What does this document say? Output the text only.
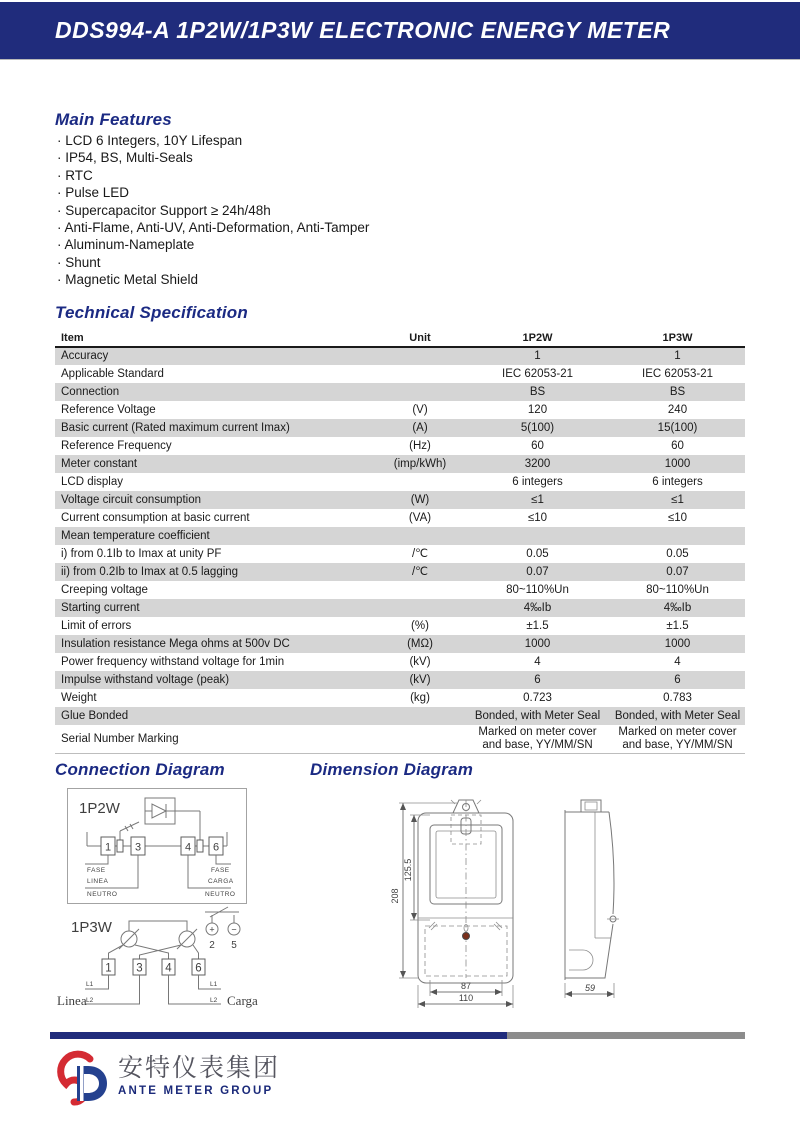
DDS994-A 1P2W/1P3W ELECTRONIC ENERGY METER
Main Features
· LCD 6 Integers, 10Y Lifespan
· IP54, BS, Multi-Seals
· RTC
· Pulse LED
· Supercapacitor Support ≥ 24h/48h
· Anti-Flame, Anti-UV, Anti-Deformation, Anti-Tamper
· Aluminum-Nameplate
· Shunt
· Magnetic Metal Shield
Technical Specification
Item	Unit	1P2W	1P3W
Accuracy		1	1
Applicable Standard		IEC 62053-21	IEC 62053-21
Connection		BS	BS
Reference Voltage	(V)	120	240
Basic current (Rated maximum current Imax)	(A)	5(100)	15(100)
Reference Frequency	(Hz)	60	60
Meter constant	(imp/kWh)	3200	1000
LCD display		6 integers	6 integers
Voltage circuit consumption	(W)	≤1	≤1
Current consumption at basic current	(VA)	≤10	≤10
Mean temperature coefficient			
i) from 0.1Ib to Imax at unity PF	/℃	0.05	0.05
ii) from 0.2Ib to Imax at 0.5 lagging	/℃	0.07	0.07
Creeping voltage		80~110%Un	80~110%Un
Starting current		4‰Ib	4‰Ib
Limit of errors	(%)	±1.5	±1.5
Insulation resistance Mega ohms at 500v DC	(MΩ)	1000	1000
Power frequency withstand voltage for 1min	(kV)	4	4
Impulse withstand voltage (peak)	(kV)	6	6
Weight	(kg)	0.723	0.783
Glue Bonded		Bonded, with Meter Seal	Bonded, with Meter Seal
Serial Number Marking		Marked on meter cover and base, YY/MM/SN	Marked on meter cover and base, YY/MM/SN
Connection Diagram	Dimension Diagram
1P2W
1 3	4 6
FASE
LINEA
NEUTRO
FASE
CARGA
NEUTRO
1P3W
1 3 4 6
+ −
2 5
L1
L2
Linea
L1
L2 Carga
208
125.5
87
110
59
安特仪表集团
ANTE METER GROUP
